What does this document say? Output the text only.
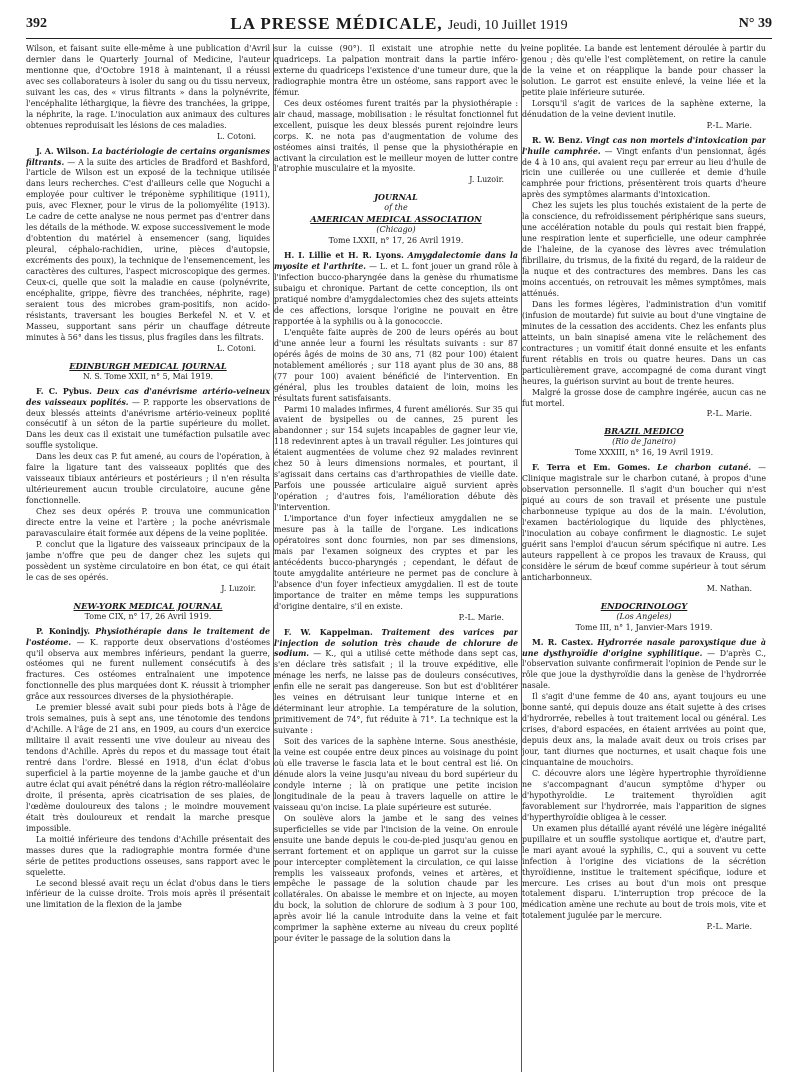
392	LA PRESSE MÉDICALE, Jeudi, 10 Juillet 1919	N° 39

Wilson, et faisant suite elle-même à une publication d'Avril dernier dans le Quarterly Journal of Medicine, l'auteur mentionne que, d'Octobre 1918 à maintenant, il a réussi avec ses collaborateurs à isoler du sang ou du tissu nerveux, suivant les cas, des « virus filtrants » dans la polynévrite, l'encéphalite léthargique, la fièvre des tranchées, la grippe, la néphrite, la rage. L'inoculation aux animaux des cultures obtenues reproduisait les lésions de ces maladies.

L. Cotoni.

J. A. Wilson. La bactériologie de certains organismes filtrants. — A la suite des articles de Bradford et Bashford, l'article de Wilson est un exposé de la technique utilisée dans leurs recherches. C'est d'ailleurs celle que Noguchi a employée pour cultiver le tréponème syphilitique (1911), puis, avec Flexner, pour le virus de la poliomyélite (1913). Le cadre de cette analyse ne nous permet pas d'entrer dans les détails de la méthode. W. expose successivement le mode d'obtention du matériel à ensemencer (sang, liquides pleural, céphalo-rachidien, urine, pièces d'autopsie, excréments des poux), la technique de l'ensemencement, les caractères des cultures, l'aspect microscopique des germes. Ceux-ci, quelle que soit la maladie en cause (polynévrite, encéphalite, grippe, fièvre des tranchées, néphrite, rage) seraient tous des microbes gram-positifs, non acido-résistants, traversant les bougies Berkefel N. et V. et Masseu, supportant sans périr un chauffage détreute minutes à 56° dans les tissus, plus fragiles dans les filtrats.

L. Cotoni.

EDINBURGH MEDICAL JOURNAL
N. S. Tome XXII, n° 5, Mai 1919.

F. C. Pybus. Deux cas d'anévrisme artério-veineux des vaisseaux poplités. — P. rapporte les observations de deux blessés atteints d'anévrisme artério-veineux poplité consécutif à un séton de la partie supérieure du mollet. Dans les deux cas il existait une tuméfaction pulsatile avec souffle systolique.

Dans les deux cas P. fut amené, au cours de l'opération, à faire la ligature tant des vaisseaux poplités que des vaisseaux tibiaux antérieurs et postérieurs ; il n'en résulta ultérieurement aucun trouble circulatoire, aucune gêne fonctionnelle.

Chez ses deux opérés P. trouva une communication directe entre la veine et l'artère ; la poche anévrismale paravasculaire était formée aux dépens de la veine poplitée.

P. conclut que la ligature des vaisseaux principaux de la jambe n'offre que peu de danger chez les sujets qui possèdent un système circulatoire en bon état, ce qui était le cas de ses opérés.

J. Luzoir.

NEW-YORK MEDICAL JOURNAL
Tome CIX, n° 17, 26 Avril 1919.

P. Konindjy. Physiothérapie dans le traitement de l'ostéome. — K. rapporte deux observations d'ostéomes qu'il observa aux membres inférieurs, pendant la guerre, ostéomes qui ne furent nullement consécutifs à des fractures. Ces ostéomes entraînaient une impotence fonctionnelle des plus marquées dont K. réussit à triompher grâce aux ressources diverses de la physiothérapie.

Le premier blessé avait subi pour pieds bots à l'âge de trois semaines, puis à sept ans, une ténotomie des tendons d'Achille. A l'âge de 21 ans, en 1909, au cours d'un exercice militaire il avait ressenti une vive douleur au niveau des tendons d'Achille. Après du repos et du massage tout était rentré dans l'ordre. Blessé en 1918, d'un éclat d'obus superficiel à la partie moyenne de la jambe gauche et d'un autre éclat qui avait pénétré dans la région rétro-malléolaire droite, il présenta, après cicatrisation de ses plaies, de l'œdème douloureux des talons ; le moindre mouvement était très douloureux et rendait la marche presque impossible.

La moitié inférieure des tendons d'Achille présentait des masses dures que la radiographie montra formée d'une série de petites productions osseuses, sans rapport avec le squelette.

Le second blessé avait reçu un éclat d'obus dans le tiers inférieur de la cuisse droite. Trois mois après il présentait une limitation de la flexion de la jambe

sur la cuisse (90°). Il existait une atrophie nette du quadriceps. La palpation montrait dans la partie inféro-externe du quadriceps l'existence d'une tumeur dure, que la radiographie montra être un ostéome, sans rapport avec le fémur.

Ces deux ostéomes furent traités par la physiothérapie : air chaud, massage, mobilisation : le résultat fonctionnel fut excellent, puisque les deux blessés purent rejoindre leurs corps. K. ne nota pas d'augmentation de volume des ostéomes ainsi traités, il pense que la physiothérapie en activant la circulation est le meilleur moyen de lutter contre l'atrophie musculaire et la myosite.

J. Luzoir.

JOURNAL
of the
AMERICAN MEDICAL ASSOCIATION
(Chicago)
Tome LXXII, n° 17, 26 Avril 1919.

H. I. Lillie et H. R. Lyons. Amygdalectomie dans la myosite et l'arthrite. — L. et L. font jouer un grand rôle à l'infection bucco-pharyngée dans la genèse du rhumatisme subaigu et chronique. Partant de cette conception, ils ont pratiqué nombre d'amygdalectomies chez des sujets atteints de ces affections, lorsque l'origine ne pouvait en être rapportée à la syphilis ou à la gonococcie.

L'enquête faite auprès de 200 de leurs opérés au bout d'une année leur a fourni les résultats suivants : sur 87 opérés âgés de moins de 30 ans, 71 (82 pour 100) étaient notablement améliorés ; sur 118 ayant plus de 30 ans, 88 (77 pour 100) avaient bénéficié de l'intervention. En général, plus les troubles dataient de loin, moins les résultats furent satisfaisants.

Parmi 10 malades infirmes, 4 furent améliorés. Sur 35 qui avaient de bysipelles ou de cannes, 25 purent les abandonner ; sur 154 sujets incapables de gagner leur vie, 118 redevinrent aptes à un travail régulier. Les jointures qui étaient augmentées de volume chez 92 malades revinrent chez 50 à leurs dimensions normales, et pourtant, il s'agissait dans certains cas d'arthropathies de vieille date. Parfois une poussée articulaire aiguë survient après l'opération ; d'autres fois, l'amélioration débute dès l'intervention.

L'importance d'un foyer infectieux amygdalien ne se mesure pas à la taille de l'organe. Les indications opératoires sont donc fournies, non par ses dimensions, mais par l'examen soigneux des cryptes et par les antécédents bucco-pharyngés ; cependant, le défaut de toute amygdalite antérieure ne permet pas de conclure à l'absence d'un foyer infectieux amygdalien. Il est de toute importance de traiter en même temps les suppurations d'origine dentaire, s'il en existe.

P.-L. Marie.

F. W. Kappelman. Traitement des varices par l'injection de solution très chaude de chlorure de sodium. — K., qui a utilisé cette méthode dans sept cas, s'en déclare très satisfait ; il la trouve expéditive, elle ménage les nerfs, ne laisse pas de douleurs consécutives, enfin elle ne serait pas dangereuse. Son but est d'oblitérer les veines en détruisant leur tunique interne et en déterminant leur atrophie. La température de la solution, primitivement de 74°, fut réduite à 71°. La technique est la suivante :

Soit des varices de la saphène interne. Sous anesthésie, la veine est coupée entre deux pinces au voisinage du point où elle traverse le fascia lata et le bout central est lié. On dénude alors la veine jusqu'au niveau du bord supérieur du condyle interne ; là on pratique une petite incision longitudinale de la peau à travers laquelle on attire le vaisseau qu'on incise. La plaie supérieure est suturée.

On soulève alors la jambe et le sang des veines superficielles se vide par l'incision de la veine. On enroule ensuite une bande depuis le cou-de-pied jusqu'au genou en serrant fortement et on applique un garrot sur la cuisse pour intercepter complètement la circulation, ce qui laisse remplis les vaisseaux profonds, veines et artères, et empêche le passage de la solution chaude par les collatérales. On abaisse le membre et on injecte, au moyen du bock, la solution de chlorure de sodium à 3 pour 100, après avoir lié la canule introduite dans la veine et fait comprimer la saphène externe au niveau du creux poplité pour éviter le passage de la solution dans la

veine poplitée. La bande est lentement déroulée à partir du genou ; dès qu'elle l'est complètement, on retire la canule de la veine et on réapplique la bande pour chasser la solution. Le garrot est ensuite enlevé, la veine liée et la petite plaie inférieure suturée.

Lorsqu'il s'agit de varices de la saphène externe, la dénudation de la veine devient inutile.

P.-L. Marie.

R. W. Benz. Vingt cas non mortels d'intoxication par l'huile camphrée. — Vingt enfants d'un pensionnat, âgés de 4 à 10 ans, qui avaient reçu par erreur au lieu d'huile de ricin une cuillerée ou une cuillerée et demie d'huile camphrée pour frictions, présentèrent trois quarts d'heure après des symptômes alarmants d'intoxication.

Chez les sujets les plus touchés existaient de la perte de la conscience, du refroidissement périphérique sans sueurs, une accélération notable du pouls qui restait bien frappé, une respiration lente et superficielle, une odeur camphrée de l'haleine, de la cyanose des lèvres avec trémulation fibrillaire, du trismus, de la fixité du regard, de la raideur de la nuque et des contractures des membres. Dans les cas moins accentués, on retrouvait les mêmes symptômes, mais atténués.

Dans les formes légères, l'administration d'un vomitif (infusion de moutarde) fut suivie au bout d'une vingtaine de minutes de la cessation des accidents. Chez les enfants plus atteints, un bain sinapisé amena vite le relâchement des contractures ; un vomitif était donné ensuite et les enfants furent rétablis en trois ou quatre heures. Dans un cas particulièrement grave, accompagné de coma durant vingt heures, la guérison survint au bout de trente heures.

Malgré la grosse dose de camphre ingérée, aucun cas ne fut mortel.

P.-L. Marie.

BRAZIL MEDICO
(Rio de Janeiro)
Tome XXXIII, n° 16, 19 Avril 1919.

F. Terra et Em. Gomes. Le charbon cutané. — Clinique magistrale sur le charbon cutané, à propos d'une observation personnelle. Il s'agit d'un boucher qui n'est piqué au cours de son travail et présente une pustule charbonneuse typique au dos de la main. L'évolution, l'examen bactériologique du liquide des phlyctènes, l'inoculation au cobaye confirment le diagnostic. Le sujet guérit sans l'emploi d'aucun sérum spécifique ni autre. Les auteurs rappellent à ce propos les travaux de Krauss, qui considère le sérum de bœuf comme supérieur à tout sérum anticharbonneux.

M. Nathan.

ENDOCRINOLOGY
(Los Angeles)
Tome III, n° 1, Janvier-Mars 1919.

M. R. Castex. Hydrorrée nasale paroxystique due à une dysthyroïdie d'origine syphilitique. — D'après C., l'observation suivante confirmerait l'opinion de Pende sur le rôle que joue la dysthyroïdie dans la genèse de l'hydrorrée nasale.

Il s'agit d'une femme de 40 ans, ayant toujours eu une bonne santé, qui depuis douze ans était sujette à des crises d'hydrorrée, rebelles à tout traitement local ou général. Les crises, d'abord espacées, en étaient arrivées au point que, depuis deux ans, la malade avait deux ou trois crises par jour, tant diurnes que nocturnes, et usait chaque fois une cinquantaine de mouchoirs.

C. découvre alors une légère hypertrophie thyroïdienne ne s'accompagnant d'aucun symptôme d'hyper ou d'hypothyroïdie. Le traitement thyroïdien agit favorablement sur l'hydrorrée, mais l'apparition de signes d'hyperthyroïdie obligea à le cesser.

Un examen plus détaillé ayant révélé une légère inégalité pupillaire et un souffle systolique aortique et, d'autre part, le mari ayant avoué la syphilis, C., qui a souvent vu cette infection à l'origine des viciations de la sécrétion thyroïdienne, institue le traitement spécifique, iodure et mercure. Les crises au bout d'un mois ont presque totalement disparu. L'interruption trop précoce de la médication amène une rechute au bout de trois mois, vite et totalement jugulée par le mercure.

P.-L. Marie.
